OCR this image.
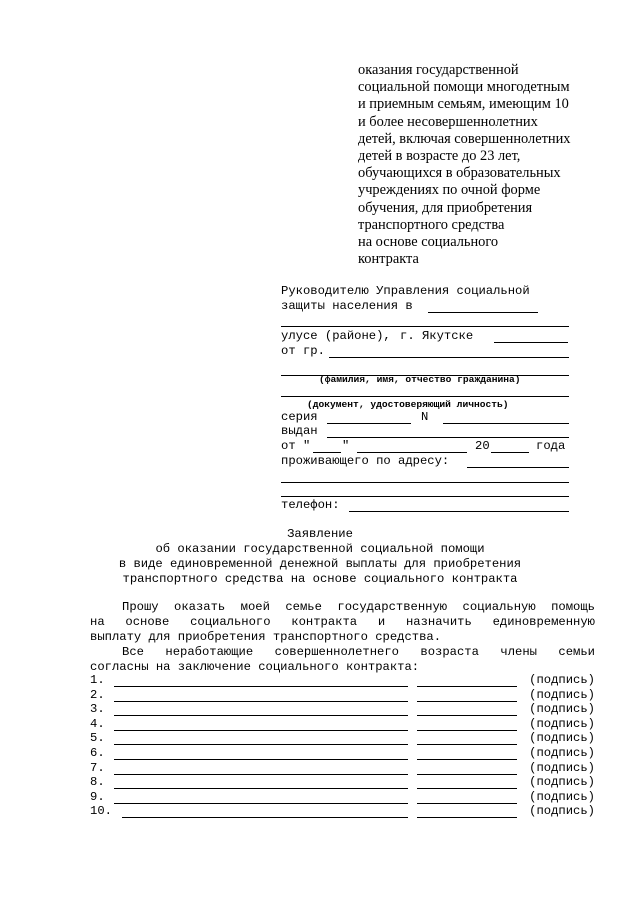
оказания государственной
социальной помощи многодетным
и приемным семьям, имеющим 10
и более несовершеннолетних
детей, включая совершеннолетних
детей в возрасте до 23 лет,
обучающихся в образовательных
учреждениях по очной форме
обучения, для приобретения
транспортного средства
на основе социального
контракта
Руководителю Управления социальной
защиты населения в
улусе (районе), г. Якутске
от гр.
(фамилия, имя, отчество гражданина)
(документ, удостоверяющий личность)
серия	N
выдан
от "	"	20	года
проживающего по адресу:
телефон:
Заявление
об оказании государственной социальной помощи
в виде единовременной денежной выплаты для приобретения
транспортного средства на основе социального контракта
Прошу оказать моей семье государственную социальную помощь
на основе социального контракта и назначить единовременную
выплату для приобретения транспортного средства.
Все неработающие совершеннолетнего возраста члены семьи
согласны на заключение социального контракта:
1.	(подпись)
2.	(подпись)
3.	(подпись)
4.	(подпись)
5.	(подпись)
6.	(подпись)
7.	(подпись)
8.	(подпись)
9.	(подпись)
10.	(подпись)
